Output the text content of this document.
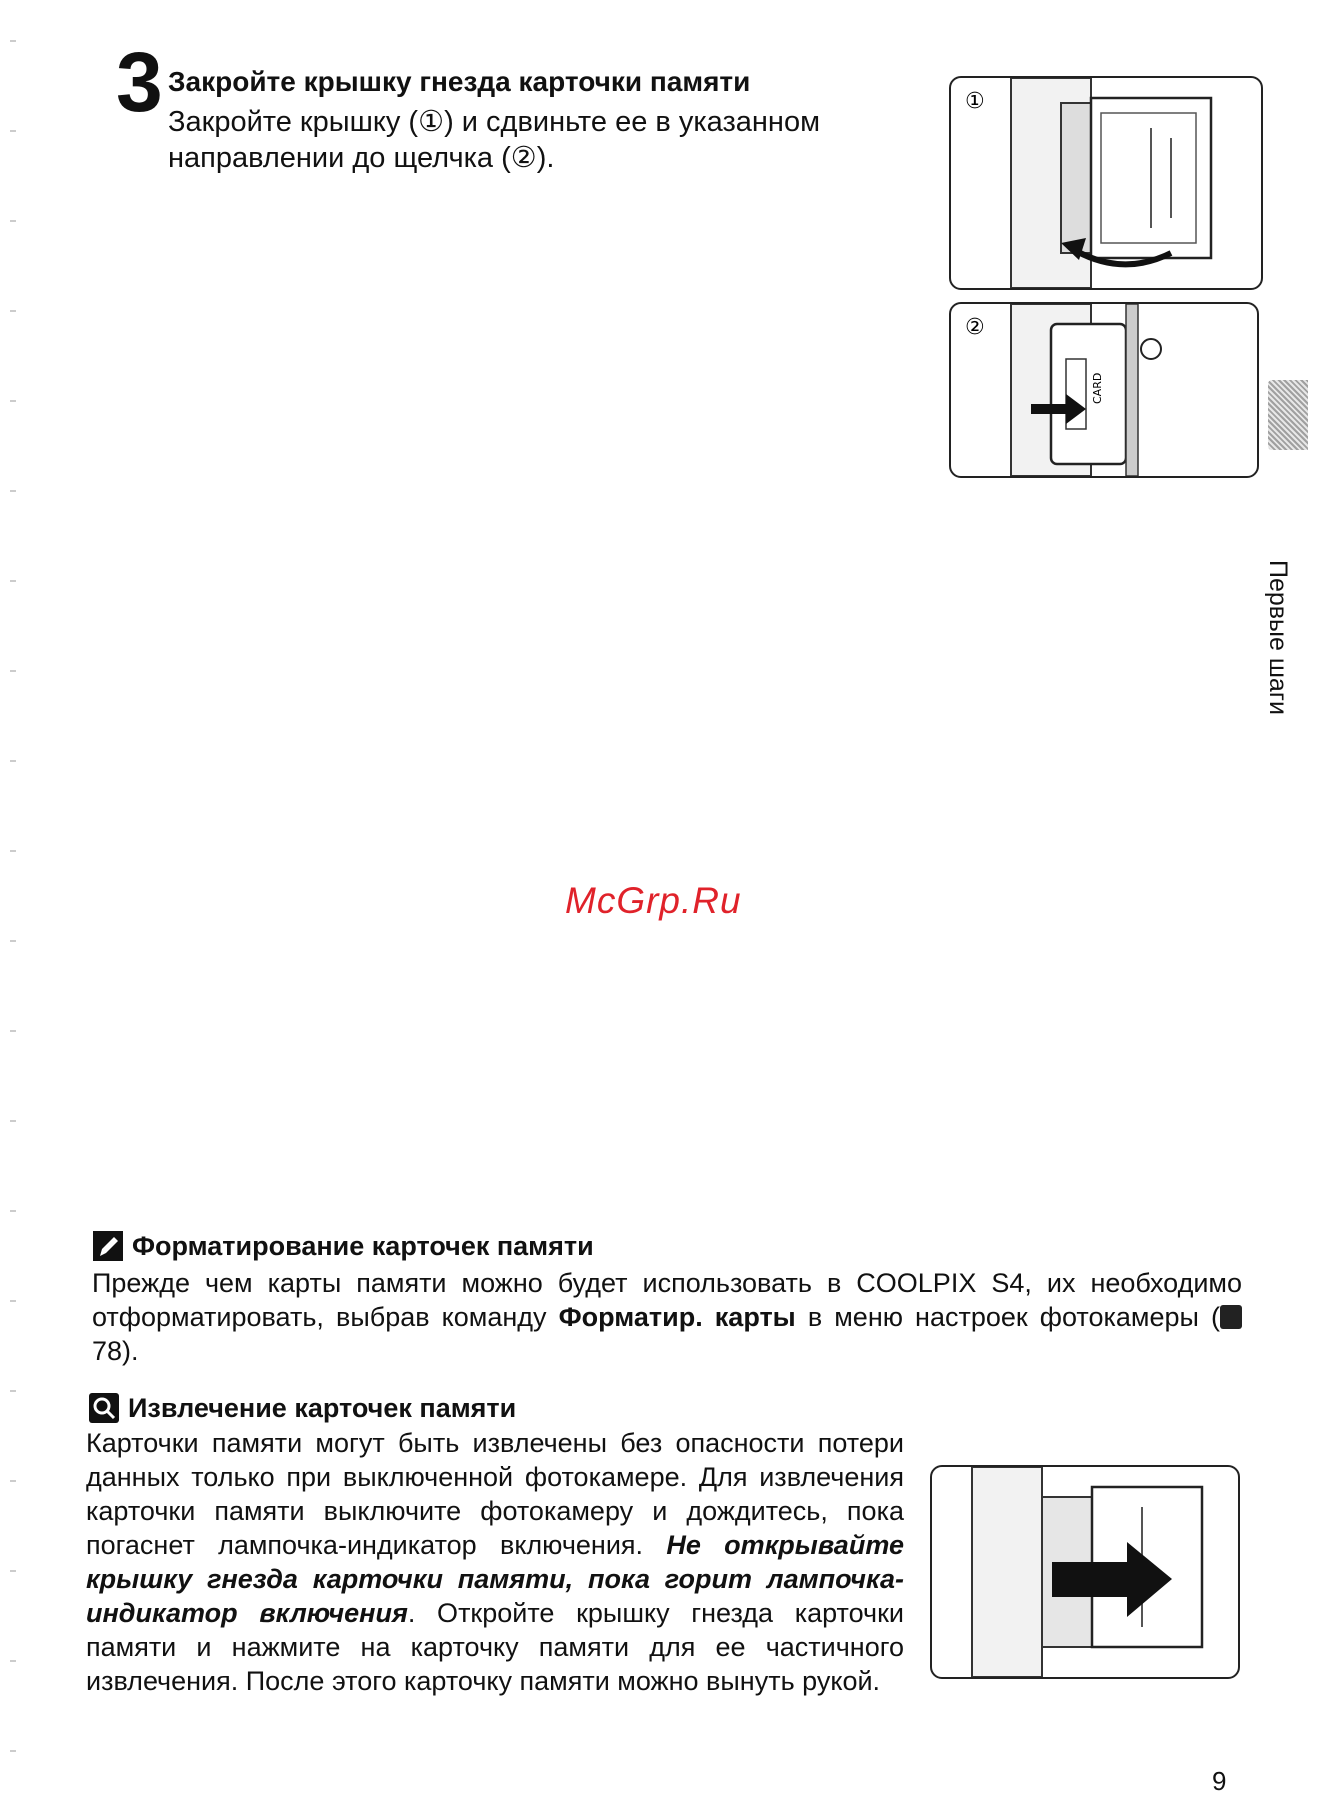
3 Закройте крышку гнезда карточки памяти
Закройте крышку (①) и сдвиньте ее в указанном направлении до щелчка (②).
①
②
CARD
Первые шаги
McGrp.Ru
Форматирование карточек памяти
Прежде чем карты памяти можно будет использовать в COOLPIX S4, их необходимо отформатировать, выбрав команду Форматир. карты в меню настроек фотокамеры ( 78).
Извлечение карточек памяти
Карточки памяти могут быть извлечены без опасности потери данных только при выключенной фотокамере. Для извлечения карточки памяти выключите фотокамеру и дождитесь, пока погаснет лампочка-индикатор включения. Не открывайте крышку гнезда карточки памяти, пока горит лампочка-индикатор включения. Откройте крышку гнезда карточки памяти и нажмите на карточку памяти для ее частичного извлечения. После этого карточку памяти можно вынуть рукой.
9
